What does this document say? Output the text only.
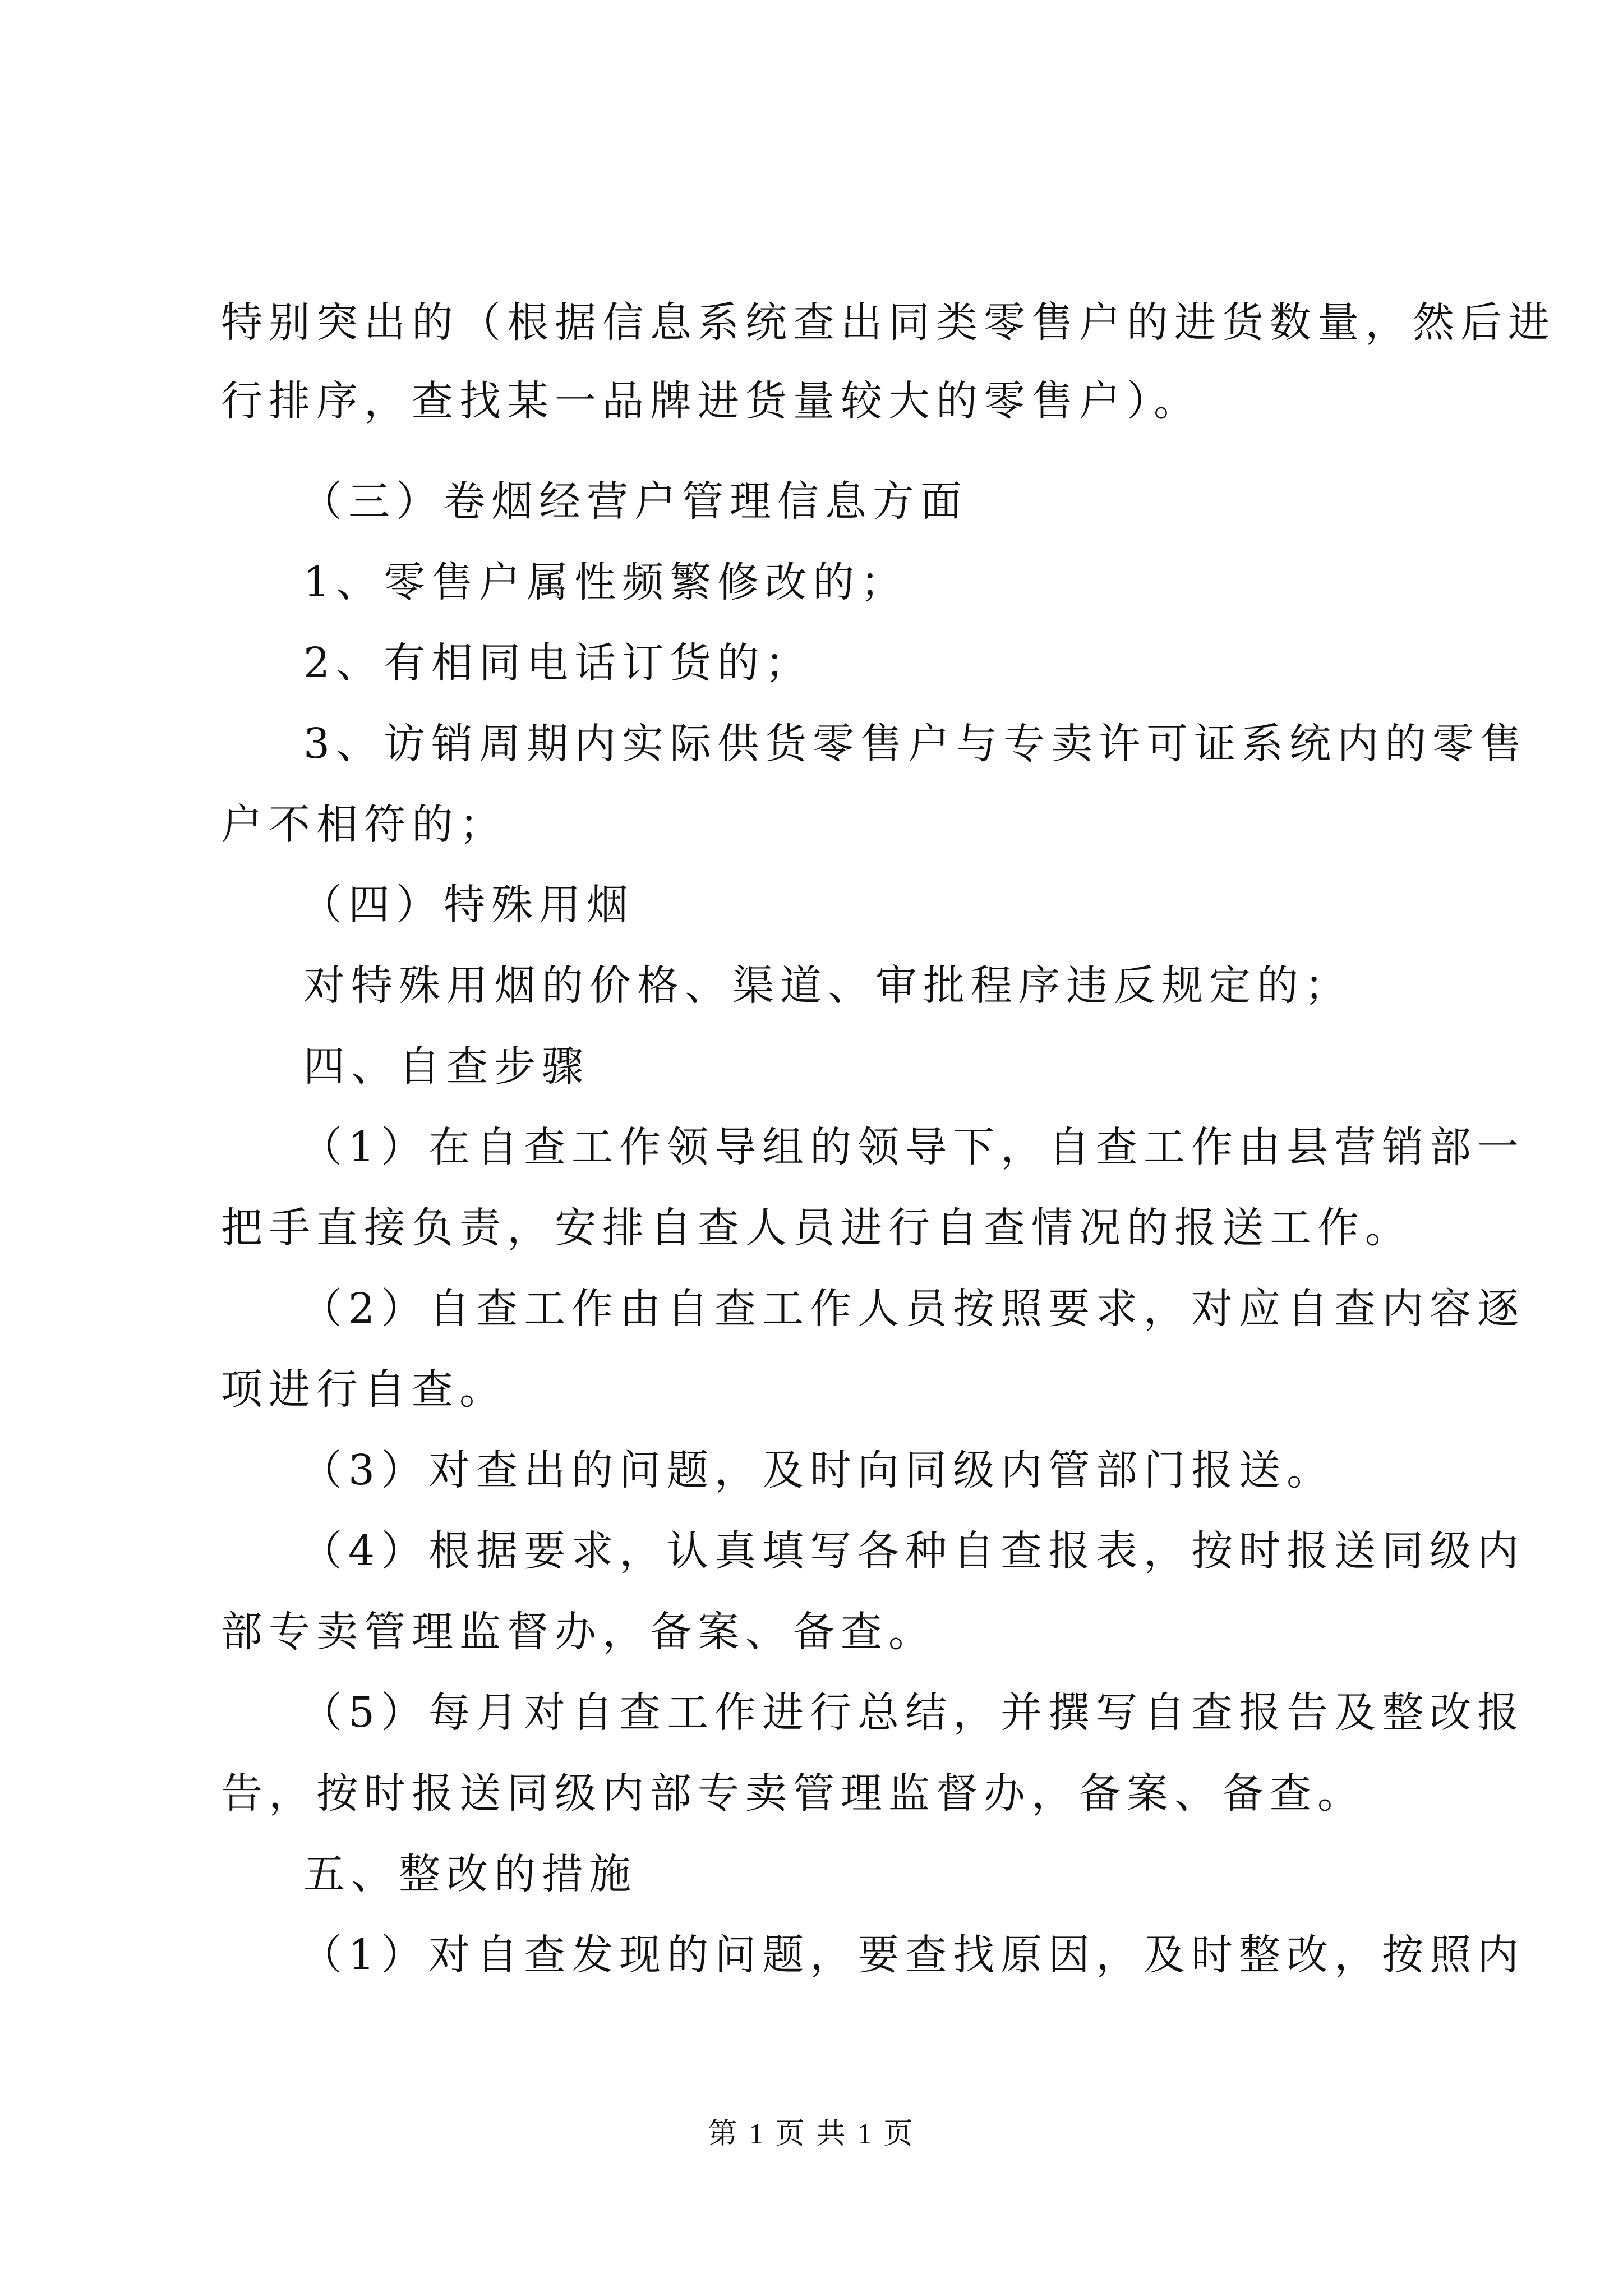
特别突出的（根据信息系统查出同类零售户的进货数量，然后进
行排序，查找某一品牌进货量较大的零售户）。
（三）卷烟经营户管理信息方面
1、零售户属性频繁修改的；
2、有相同电话订货的；
3、访销周期内实际供货零售户与专卖许可证系统内的零售
户不相符的；
（四）特殊用烟
对特殊用烟的价格、渠道、审批程序违反规定的；
四、自查步骤
（1）在自查工作领导组的领导下，自查工作由县营销部一
把手直接负责，安排自查人员进行自查情况的报送工作。
（2）自查工作由自查工作人员按照要求，对应自查内容逐
项进行自查。
（3）对查出的问题，及时向同级内管部门报送。
（4）根据要求，认真填写各种自查报表，按时报送同级内
部专卖管理监督办，备案、备查。
（5）每月对自查工作进行总结，并撰写自查报告及整改报
告，按时报送同级内部专卖管理监督办，备案、备查。
五、整改的措施
（1）对自查发现的问题，要查找原因，及时整改，按照内
第 1 页 共 1 页
